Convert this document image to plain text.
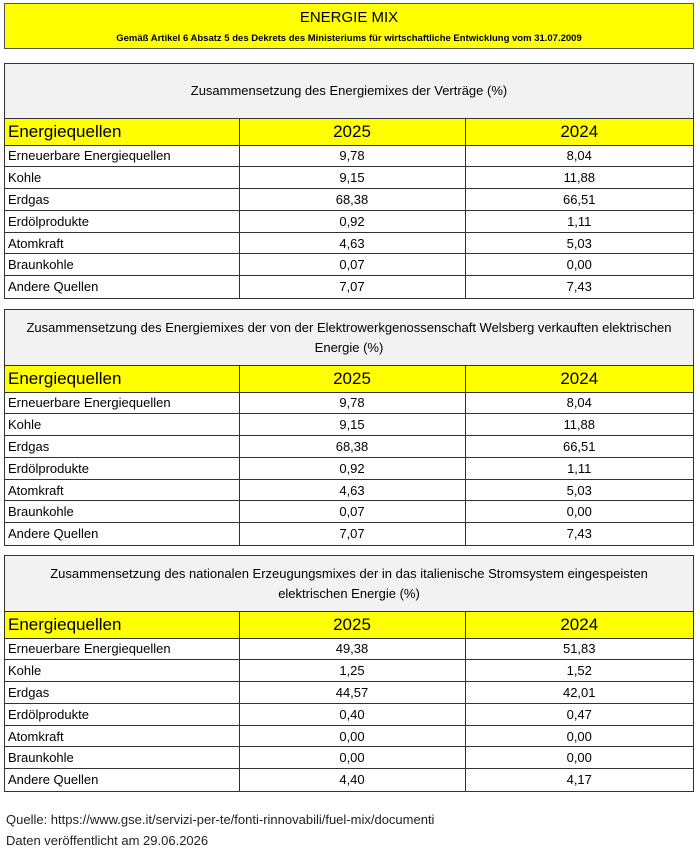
ENERGIE MIX
Gemäß Artikel 6 Absatz 5 des Dekrets des Ministeriums für wirtschaftliche Entwicklung vom 31.07.2009
Zusammensetzung des Energiemixes der Verträge (%)
Energiequellen	2025	2024
Erneuerbare Energiequellen	9,78	8,04
Kohle	9,15	11,88
Erdgas	68,38	66,51
Erdölprodukte	0,92	1,11
Atomkraft	4,63	5,03
Braunkohle	0,07	0,00
Andere Quellen	7,07	7,43
Zusammensetzung des Energiemixes der von der Elektrowerkgenossenschaft Welsberg verkauften elektrischen Energie (%)
Energiequellen	2025	2024
Erneuerbare Energiequellen	9,78	8,04
Kohle	9,15	11,88
Erdgas	68,38	66,51
Erdölprodukte	0,92	1,11
Atomkraft	4,63	5,03
Braunkohle	0,07	0,00
Andere Quellen	7,07	7,43
Zusammensetzung des nationalen Erzeugungsmixes der in das italienische Stromsystem eingespeisten elektrischen Energie (%)
Energiequellen	2025	2024
Erneuerbare Energiequellen	49,38	51,83
Kohle	1,25	1,52
Erdgas	44,57	42,01
Erdölprodukte	0,40	0,47
Atomkraft	0,00	0,00
Braunkohle	0,00	0,00
Andere Quellen	4,40	4,17
Quelle: https://www.gse.it/servizi-per-te/fonti-rinnovabili/fuel-mix/documenti
Daten veröffentlicht am 29.06.2026
